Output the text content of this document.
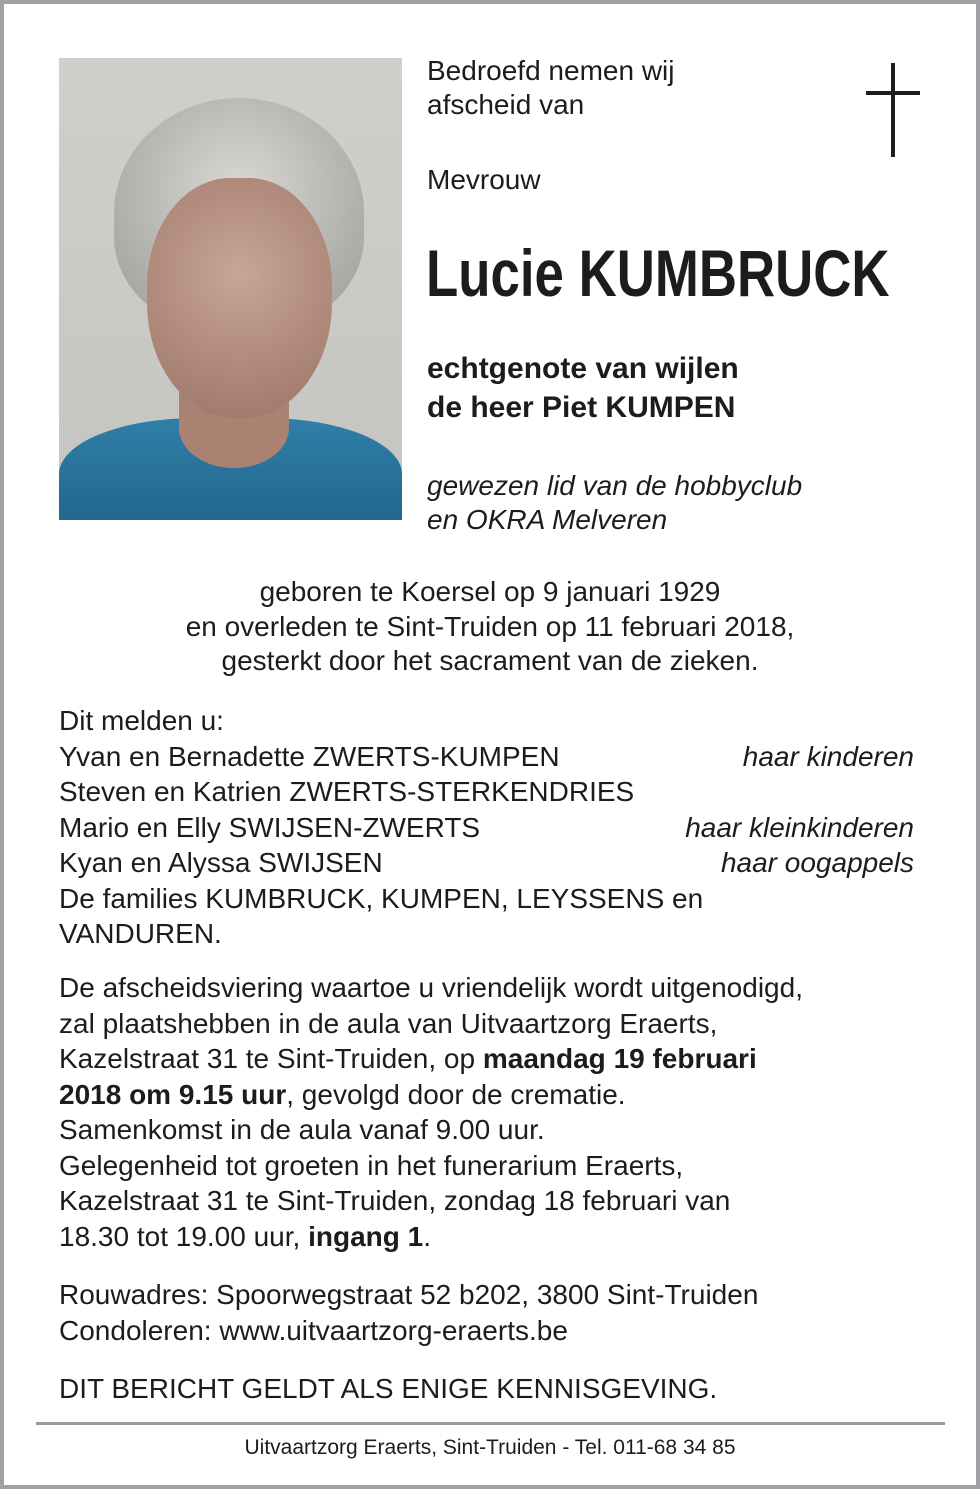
Bedroefd nemen wij
afscheid van
Mevrouw
Lucie KUMBRUCK
echtgenote van wijlen
de heer Piet KUMPEN
gewezen lid van de hobbyclub
en OKRA Melveren
geboren te Koersel op 9 januari 1929
en overleden te Sint-Truiden op 11 februari 2018,
gesterkt door het sacrament van de zieken.
Dit melden u:
Yvan en Bernadette ZWERTS-KUMPEN	haar kinderen
Steven en Katrien ZWERTS-STERKENDRIES
Mario en Elly SWIJSEN-ZWERTS	haar kleinkinderen
Kyan en Alyssa SWIJSEN	haar oogappels
De families KUMBRUCK, KUMPEN, LEYSSENS en
VANDUREN.
De afscheidsviering waartoe u vriendelijk wordt uitgenodigd,
zal plaatshebben in de aula van Uitvaartzorg Eraerts,
Kazelstraat 31 te Sint-Truiden, op maandag 19 februari
2018 om 9.15 uur, gevolgd door de crematie.
Samenkomst in de aula vanaf 9.00 uur.
Gelegenheid tot groeten in het funerarium Eraerts,
Kazelstraat 31 te Sint-Truiden, zondag 18 februari van
18.30 tot 19.00 uur, ingang 1.
Rouwadres: Spoorwegstraat 52 b202, 3800 Sint-Truiden
Condoleren: www.uitvaartzorg-eraerts.be
DIT BERICHT GELDT ALS ENIGE KENNISGEVING.
Uitvaartzorg Eraerts, Sint-Truiden - Tel. 011-68 34 85
